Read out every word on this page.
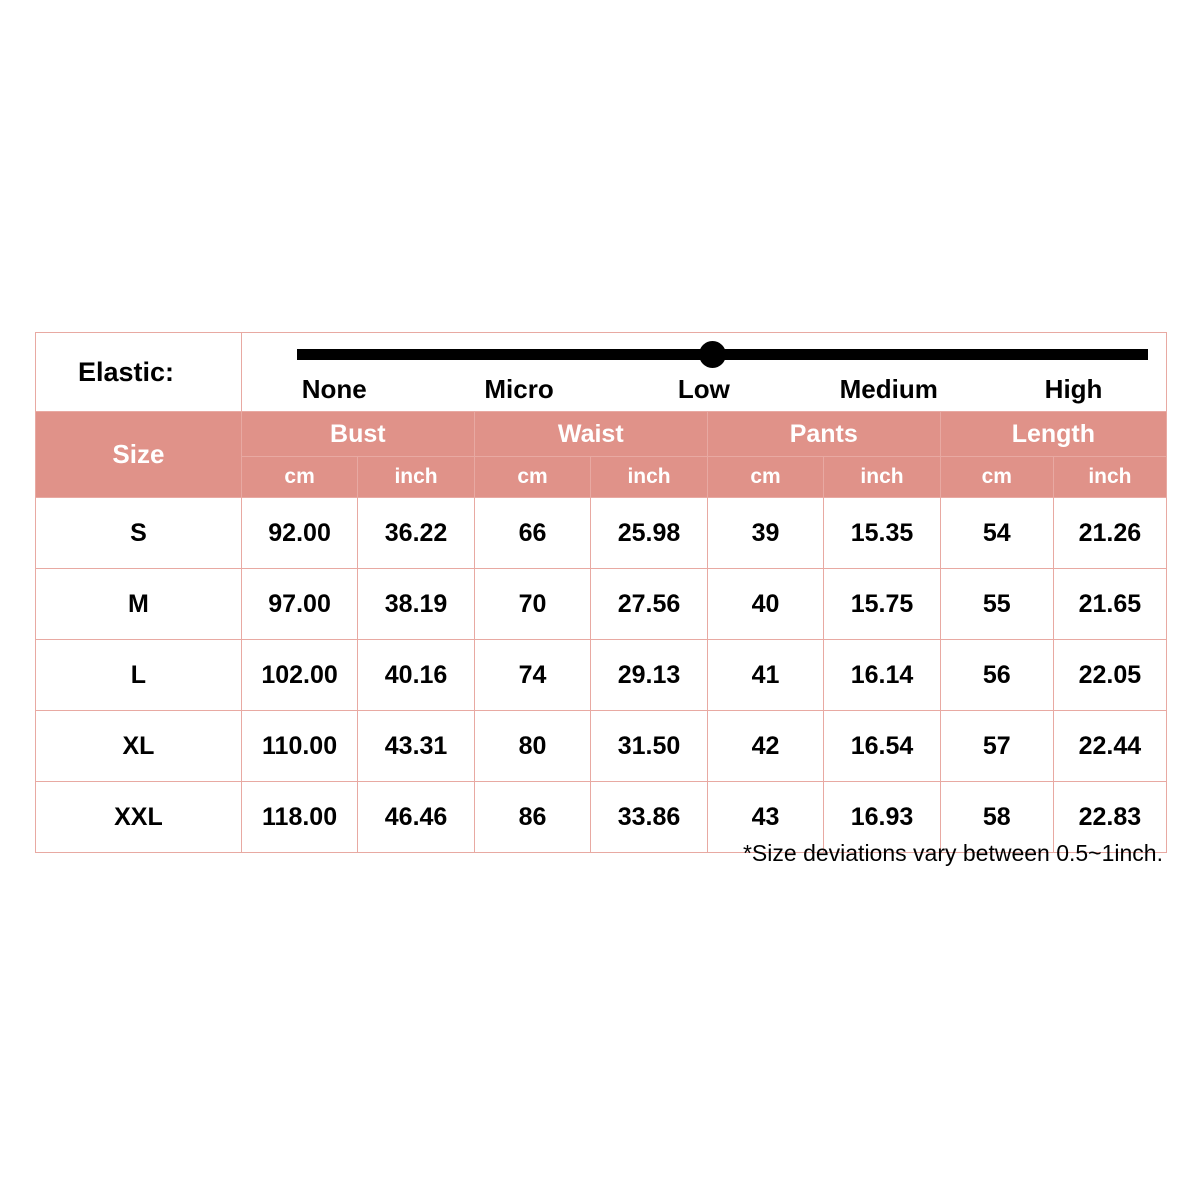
Elastic:	None Micro Low Medium High							

Size	Bust		Waist		Pants		Length	
	cm	inch	cm	inch	cm	inch	cm	inch
S	92.00	36.22	66	25.98	39	15.35	54	21.26
M	97.00	38.19	70	27.56	40	15.75	55	21.65
L	102.00	40.16	74	29.13	41	16.14	56	22.05
XL	110.00	43.31	80	31.50	42	16.54	57	22.44
XXL	118.00	46.46	86	33.86	43	16.93	58	22.83
*Size deviations vary between 0.5~1inch.
